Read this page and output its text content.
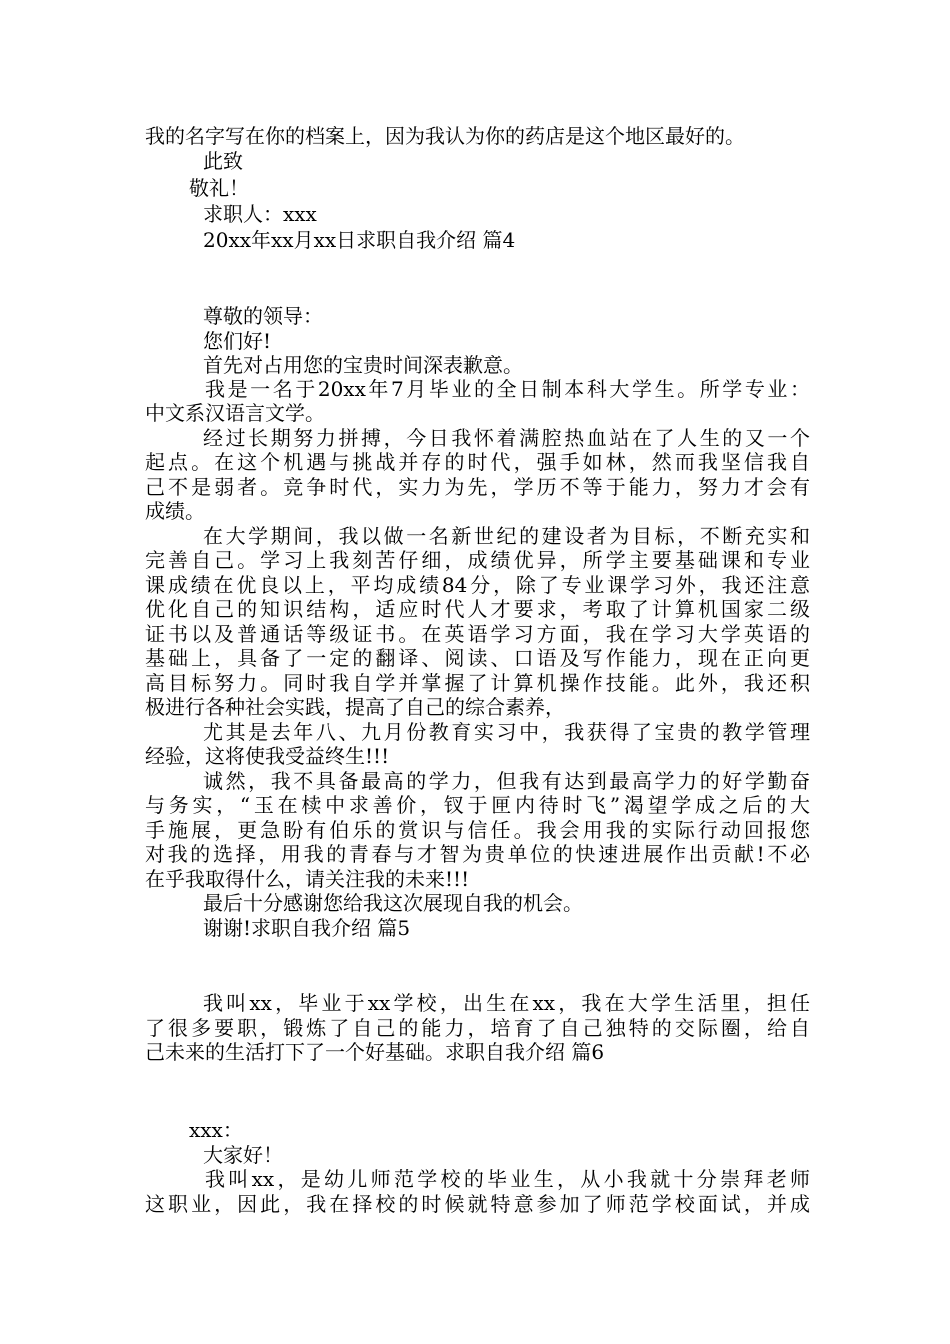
我的名字写在你的档案上，因为我认为你的药店是这个地区最好的。
此致
敬礼！
求职人：xxx
20xx年xx月xx日求职自我介绍 篇4
尊敬的领导：
您们好!
首先对占用您的宝贵时间深表歉意。
我是一名于20xx年7月毕业的全日制本科大学生。所学专业：
中文系汉语言文学。
经过长期努力拼搏，今日我怀着满腔热血站在了人生的又一个
起点。在这个机遇与挑战并存的时代，强手如林，然而我坚信我自
己不是弱者。竞争时代，实力为先，学历不等于能力，努力才会有
成绩。
在大学期间，我以做一名新世纪的建设者为目标，不断充实和
完善自己。学习上我刻苦仔细，成绩优异，所学主要基础课和专业
课成绩在优良以上，平均成绩84分，除了专业课学习外，我还注意
优化自己的知识结构，适应时代人才要求，考取了计算机国家二级
证书以及普通话等级证书。在英语学习方面，我在学习大学英语的
基础上，具备了一定的翻译、阅读、口语及写作能力，现在正向更
高目标努力。同时我自学并掌握了计算机操作技能。此外，我还积
极进行各种社会实践，提高了自己的综合素养，
尤其是去年八、九月份教育实习中，我获得了宝贵的教学管理
经验，这将使我受益终生!!!
诚然，我不具备最高的学力，但我有达到最高学力的好学勤奋
与务实，“玉在椟中求善价，钗于匣内待时飞”渴望学成之后的大
手施展，更急盼有伯乐的赏识与信任。我会用我的实际行动回报您
对我的选择，用我的青春与才智为贵单位的快速进展作出贡献!不必
在乎我取得什么，请关注我的未来!!!
最后十分感谢您给我这次展现自我的机会。
谢谢!求职自我介绍 篇5
我叫xx，毕业于xx学校，出生在xx，我在大学生活里，担任
了很多要职，锻炼了自己的能力，培育了自己独特的交际圈，给自
己未来的生活打下了一个好基础。求职自我介绍 篇6
xxx：
大家好！
我叫xx，是幼儿师范学校的毕业生，从小我就十分崇拜老师
这职业，因此，我在择校的时候就特意参加了师范学校面试，并成
